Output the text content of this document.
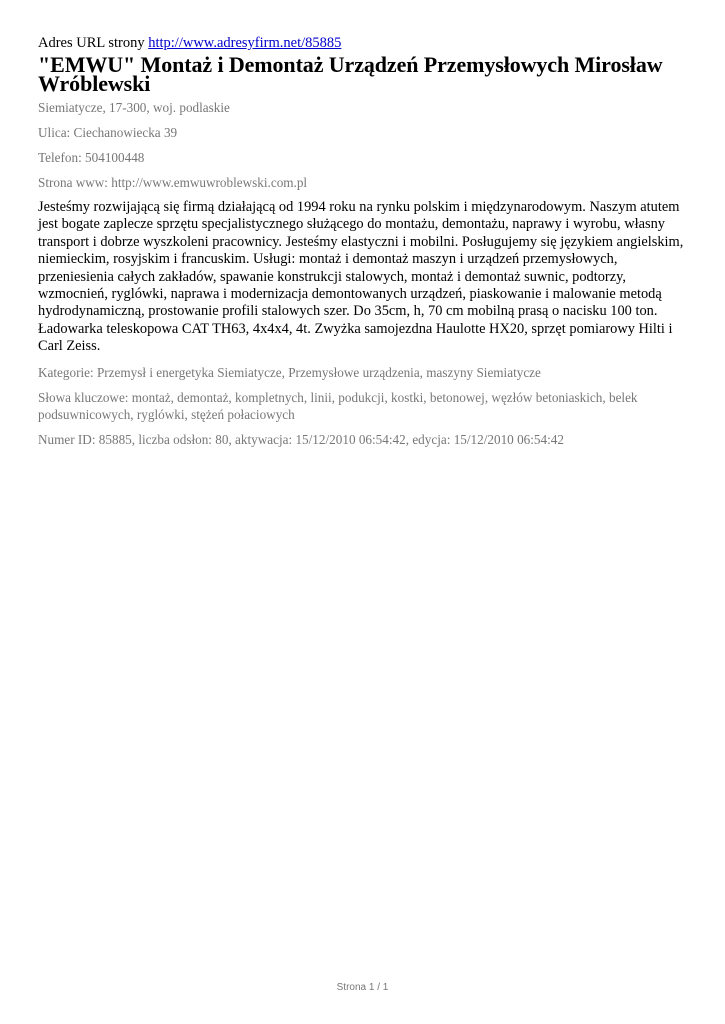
Adres URL strony http://www.adresyfirm.net/85885

"EMWU" Montaż i Demontaż Urządzeń Przemysłowych Mirosław Wróblewski

Siemiatycze, 17-300, woj. podlaskie

Ulica: Ciechanowiecka 39

Telefon: 504100448

Strona www: http://www.emwuwroblewski.com.pl

Jesteśmy rozwijającą się firmą działającą od 1994 roku na rynku polskim i międzynarodowym. Naszym atutem jest bogate zaplecze sprzętu specjalistycznego służącego do montażu, demontażu, naprawy i wyrobu, własny transport i dobrze wyszkoleni pracownicy. Jesteśmy elastyczni i mobilni. Posługujemy się językiem angielskim, niemieckim, rosyjskim i francuskim. Usługi: montaż i demontaż maszyn i urządzeń przemysłowych, przeniesienia całych zakładów, spawanie konstrukcji stalowych, montaż i demontaż suwnic, podtorzy, wzmocnień, ryglówki, naprawa i modernizacja demontowanych urządzeń, piaskowanie i malowanie metodą hydrodynamiczną, prostowanie profili stalowych szer. Do 35cm, h, 70 cm mobilną prasą o nacisku 100 ton. Ładowarka teleskopowa CAT TH63, 4x4x4, 4t. Zwyżka samojezdna Haulotte HX20, sprzęt pomiarowy Hilti i Carl Zeiss.

Kategorie: Przemysł i energetyka Siemiatycze, Przemysłowe urządzenia, maszyny Siemiatycze

Słowa kluczowe: montaż, demontaż, kompletnych, linii, podukcji, kostki, betonowej, węzłów betoniaskich, belek podsuwnicowych, ryglówki, stężeń połaciowych

Numer ID: 85885, liczba odsłon: 80, aktywacja: 15/12/2010 06:54:42, edycja: 15/12/2010 06:54:42

Strona 1 / 1
